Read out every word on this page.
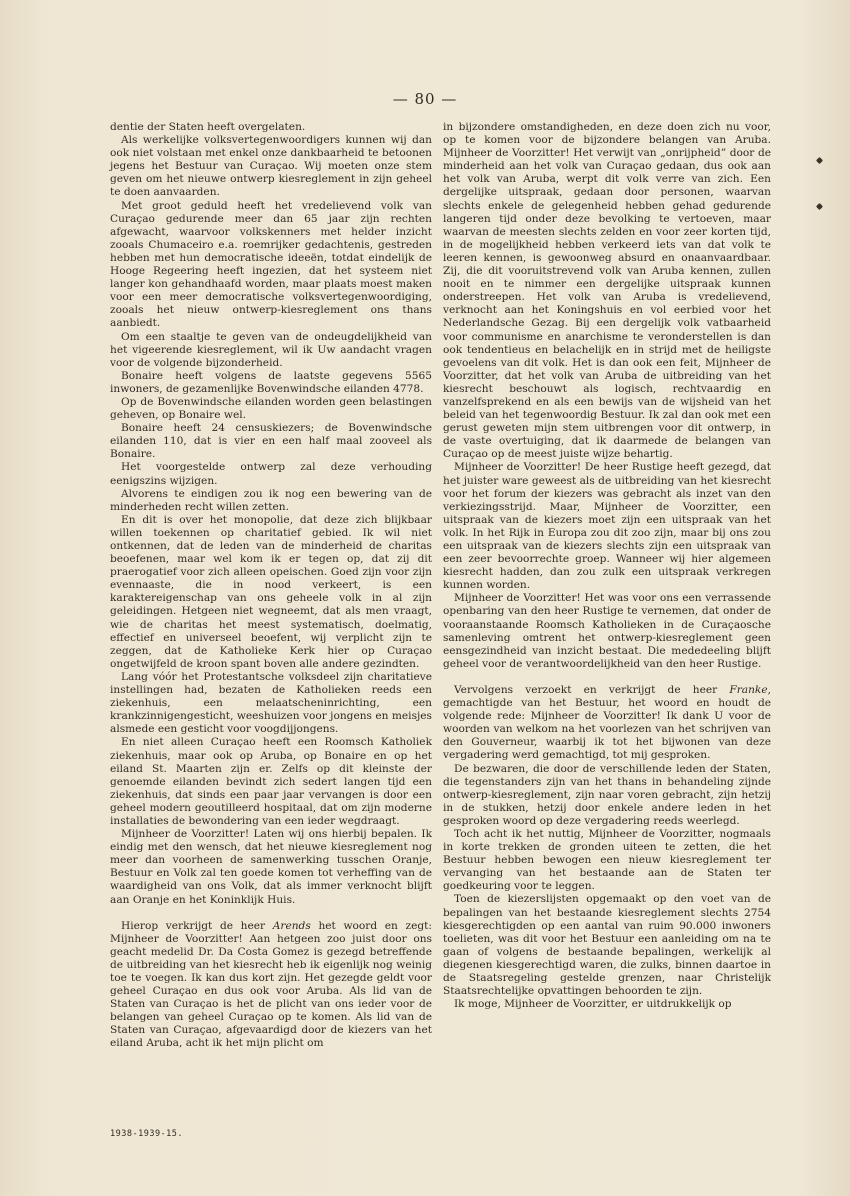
— 80 —

dentie der Staten heeft overgelaten.

Als werkelijke volksvertegenwoordigers kunnen wij dan ook niet volstaan met enkel onze dankbaarheid te betoonen jegens het Bestuur van Curaçao. Wij moeten onze stem geven om het nieuwe ontwerp kiesreglement in zijn geheel te doen aanvaarden.

Met groot geduld heeft het vredelievend volk van Curaçao gedurende meer dan 65 jaar zijn rechten afgewacht, waarvoor volkskenners met helder inzicht zooals Chumaceiro e.a. roemrijker gedachtenis, gestreden hebben met hun democratische ideeën, totdat eindelijk de Hooge Regeering heeft ingezien, dat het systeem niet langer kon gehandhaafd worden, maar plaats moest maken voor een meer democratische volksvertegenwoordiging, zooals het nieuw ontwerp-kiesreglement ons thans aanbiedt.

Om een staaltje te geven van de ondeugdelijkheid van het vigeerende kiesreglement, wil ik Uw aandacht vragen voor de volgende bijzonderheid.

Bonaire heeft volgens de laatste gegevens 5565 inwoners, de gezamenlijke Bovenwindsche eilanden 4778.

Op de Bovenwindsche eilanden worden geen belastingen geheven, op Bonaire wel.

Bonaire heeft 24 censuskiezers; de Bovenwindsche eilanden 110, dat is vier en een half maal zooveel als Bonaire.

Het voorgestelde ontwerp zal deze verhouding eenigszins wijzigen.

Alvorens te eindigen zou ik nog een bewering van de minderheden recht willen zetten.

En dit is over het monopolie, dat deze zich blijkbaar willen toekennen op charitatief gebied. Ik wil niet ontkennen, dat de leden van de minderheid de charitas beoefenen, maar wel kom ik er tegen op, dat zij dit praerogatief voor zich alleen opeischen. Goed zijn voor zijn evennaaste, die in nood verkeert, is een karaktereigenschap van ons geheele volk in al zijn geleidingen. Hetgeen niet wegneemt, dat als men vraagt, wie de charitas het meest systematisch, doelmatig, effectief en universeel beoefent, wij verplicht zijn te zeggen, dat de Katholieke Kerk hier op Curaçao ongetwijfeld de kroon spant boven alle andere gezindten.

Lang vóór het Protestantsche volksdeel zijn charitatieve instellingen had, bezaten de Katholieken reeds een ziekenhuis, een melaatscheninrichting, een krankzinnigengesticht, weeshuizen voor jongens en meisjes alsmede een gesticht voor voogdijjongens.

En niet alleen Curaçao heeft een Roomsch Katholiek ziekenhuis, maar ook op Aruba, op Bonaire en op het eiland St. Maarten zijn er. Zelfs op dit kleinste der genoemde eilanden bevindt zich sedert langen tijd een ziekenhuis, dat sinds een paar jaar vervangen is door een geheel modern geoutilleerd hospitaal, dat om zijn moderne installaties de bewondering van een ieder wegdraagt.

Mijnheer de Voorzitter! Laten wij ons hierbij bepalen. Ik eindig met den wensch, dat het nieuwe kiesreglement nog meer dan voorheen de samenwerking tusschen Oranje, Bestuur en Volk zal ten goede komen tot verheffing van de waardigheid van ons Volk, dat als immer verknocht blijft aan Oranje en het Koninklijk Huis.

Hierop verkrijgt de heer Arends het woord en zegt: Mijnheer de Voorzitter! Aan hetgeen zoo juist door ons geacht medelid Dr. Da Costa Gomez is gezegd betreffende de uitbreiding van het kiesrecht heb ik eigenlijk nog weinig toe te voegen. Ik kan dus kort zijn. Het gezegde geldt voor geheel Curaçao en dus ook voor Aruba. Als lid van de Staten van Curaçao is het de plicht van ons ieder voor de belangen van geheel Curaçao op te komen. Als lid van de Staten van Curaçao, afgevaardigd door de kiezers van het eiland Aruba, acht ik het mijn plicht om

in bijzondere omstandigheden, en deze doen zich nu voor, op te komen voor de bijzondere belangen van Aruba. Mijnheer de Voorzitter! Het verwijt van „onrijpheid” door de minderheid aan het volk van Curaçao gedaan, dus ook aan het volk van Aruba, werpt dit volk verre van zich. Een dergelijke uitspraak, gedaan door personen, waarvan slechts enkele de gelegenheid hebben gehad gedurende langeren tijd onder deze bevolking te vertoeven, maar waarvan de meesten slechts zelden en voor zeer korten tijd, in de mogelijkheid hebben verkeerd iets van dat volk te leeren kennen, is gewoonweg absurd en onaanvaardbaar. Zij, die dit vooruitstrevend volk van Aruba kennen, zullen nooit en te nimmer een dergelijke uitspraak kunnen onderstreepen. Het volk van Aruba is vredelievend, verknocht aan het Koningshuis en vol eerbied voor het Nederlandsche Gezag. Bij een dergelijk volk vatbaarheid voor communisme en anarchisme te veronderstellen is dan ook tendentieus en belachelijk en in strijd met de heiligste gevoelens van dit volk. Het is dan ook een feit, Mijnheer de Voorzitter, dat het volk van Aruba de uitbreiding van het kiesrecht beschouwt als logisch, rechtvaardig en vanzelfsprekend en als een bewijs van de wijsheid van het beleid van het tegenwoordig Bestuur. Ik zal dan ook met een gerust geweten mijn stem uitbrengen voor dit ontwerp, in de vaste overtuiging, dat ik daarmede de belangen van Curaçao op de meest juiste wijze behartig.

Mijnheer de Voorzitter! De heer Rustige heeft gezegd, dat het juister ware geweest als de uitbreiding van het kiesrecht voor het forum der kiezers was gebracht als inzet van den verkiezingsstrijd. Maar, Mijnheer de Voorzitter, een uitspraak van de kiezers moet zijn een uitspraak van het volk. In het Rijk in Europa zou dit zoo zijn, maar bij ons zou een uitspraak van de kiezers slechts zijn een uitspraak van een zeer bevoorrechte groep. Wanneer wij hier algemeen kiesrecht hadden, dan zou zulk een uitspraak verkregen kunnen worden.

Mijnheer de Voorzitter! Het was voor ons een verrassende openbaring van den heer Rustige te vernemen, dat onder de vooraanstaande Roomsch Katholieken in de Curaçaosche samenleving omtrent het ontwerp-kiesreglement geen eensgezindheid van inzicht bestaat. Die mededeeling blijft geheel voor de verantwoordelijkheid van den heer Rustige.

Vervolgens verzoekt en verkrijgt de heer Franke, gemachtigde van het Bestuur, het woord en houdt de volgende rede: Mijnheer de Voorzitter! Ik dank U voor de woorden van welkom na het voorlezen van het schrijven van den Gouverneur, waarbij ik tot het bijwonen van deze vergadering werd gemachtigd, tot mij gesproken.

De bezwaren, die door de verschillende leden der Staten, die tegenstanders zijn van het thans in behandeling zijnde ontwerp-kiesreglement, zijn naar voren gebracht, zijn hetzij in de stukken, hetzij door enkele andere leden in het gesproken woord op deze vergadering reeds weerlegd.

Toch acht ik het nuttig, Mijnheer de Voorzitter, nogmaals in korte trekken de gronden uiteen te zetten, die het Bestuur hebben bewogen een nieuw kiesreglement ter vervanging van het bestaande aan de Staten ter goedkeuring voor te leggen.

Toen de kiezerslijsten opgemaakt op den voet van de bepalingen van het bestaande kiesreglement slechts 2754 kiesgerechtigden op een aantal van ruim 90.000 inwoners toelieten, was dit voor het Bestuur een aanleiding om na te gaan of volgens de bestaande bepalingen, werkelijk al diegenen kiesgerechtigd waren, die zulks, binnen daartoe in de Staatsregeling gestelde grenzen, naar Christelijk Staatsrechtelijke opvattingen behoorden te zijn.

Ik moge, Mijnheer de Voorzitter, er uitdrukkelijk op

1938-1939-15.
